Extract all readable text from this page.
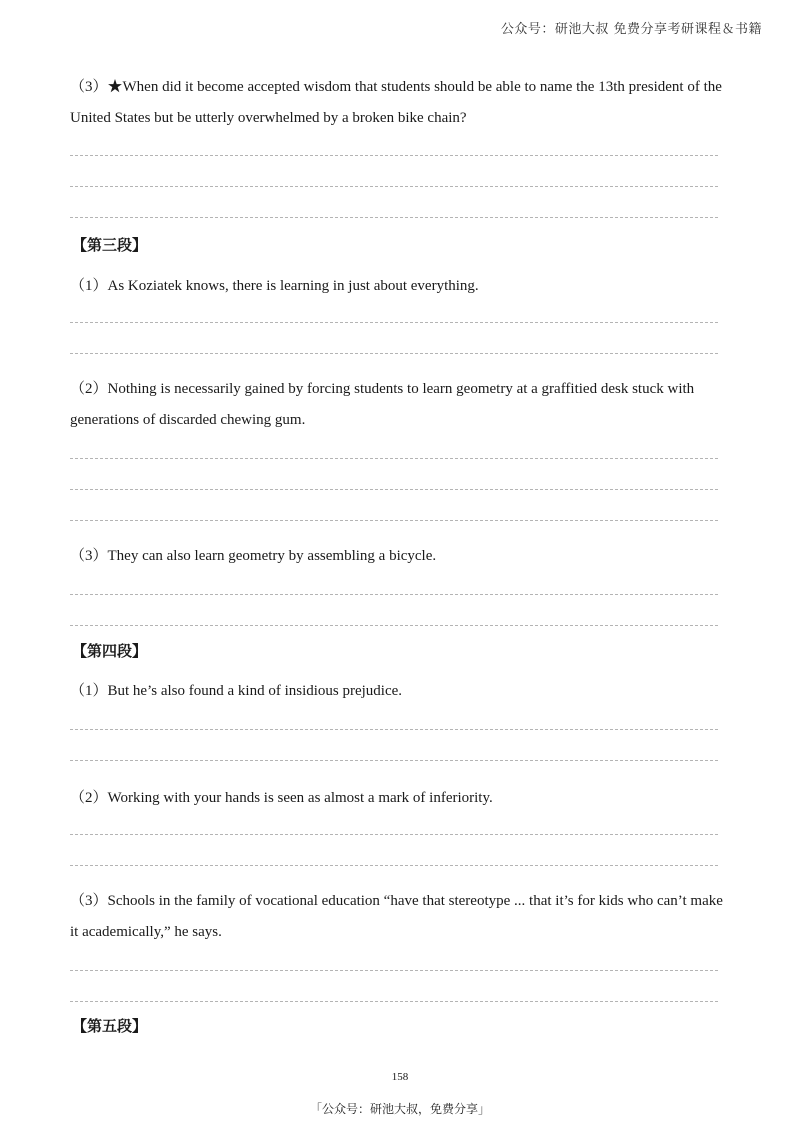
公众号：研池大叔 免费分享考研课程＆书籍
（3）★When did it become accepted wisdom that students should be able to name the 13th president of the United States but be utterly overwhelmed by a broken bike chain?
【第三段】
（1）As Koziatek knows, there is learning in just about everything.
（2）Nothing is necessarily gained by forcing students to learn geometry at a graffitied desk stuck with generations of discarded chewing gum.
（3）They can also learn geometry by assembling a bicycle.
【第四段】
（1）But he’s also found a kind of insidious prejudice.
（2）Working with your hands is seen as almost a mark of inferiority.
（3）Schools in the family of vocational education “have that stereotype ... that it’s for kids who can’t make it academically,” he says.
【第五段】
158
「公众号：研池大叔，免费分享」
